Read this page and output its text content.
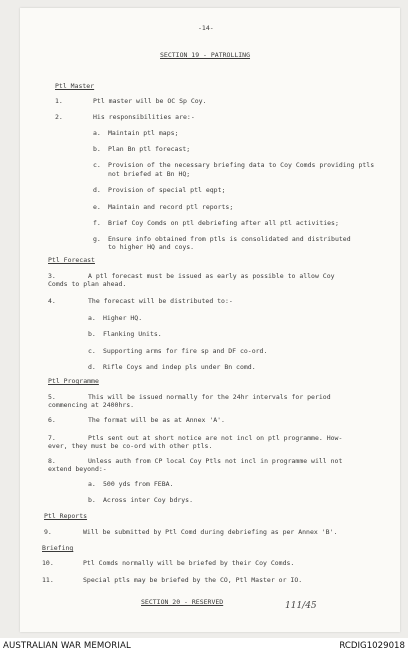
-14-
SECTION 19 - PATROLLING
Ptl Master
1.	Ptl master will be OC Sp Coy.
2.	His responsibilities are:-
a. Maintain ptl maps;
b. Plan Bn ptl forecast;
c. Provision of the necessary briefing data to Coy Comds providing ptls
not briefed at Bn HQ;
d. Provision of special ptl eqpt;
e. Maintain and record ptl reports;
f. Brief Coy Comds on ptl debriefing after all ptl activities;
g. Ensure info obtained from ptls is consolidated and distributed
to higher HQ and coys.
Ptl Forecast
3.	A ptl forecast must be issued as early as possible to allow Coy
Comds to plan ahead.
4.	The forecast will be distributed to:-
a. Higher HQ.
b. Flanking Units.
c. Supporting arms for fire sp and DF co-ord.
d. Rifle Coys and indep pls under Bn comd.
Ptl Programme
5.	This will be issued normally for the 24hr intervals for period
commencing at 2400hrs.
6.	The format will be as at Annex 'A'.
7.	Ptls sent out at short notice are not incl on ptl programme. How-
ever, they must be co-ord with other ptls.
8.	Unless auth from CP local Coy Ptls not incl in programme will not
extend beyond:-
a. 500 yds from FEBA.
b. Across inter Coy bdrys.
Ptl Reports
9.	Will be submitted by Ptl Comd during debriefing as per Annex 'B'.
Briefing
10.	Ptl Comds normally will be briefed by their Coy Comds.
11.	Special ptls may be briefed by the CO, Ptl Master or IO.
SECTION 20 - RESERVED	111/45
AUSTRALIAN WAR MEMORIAL	RCDIG1029018
